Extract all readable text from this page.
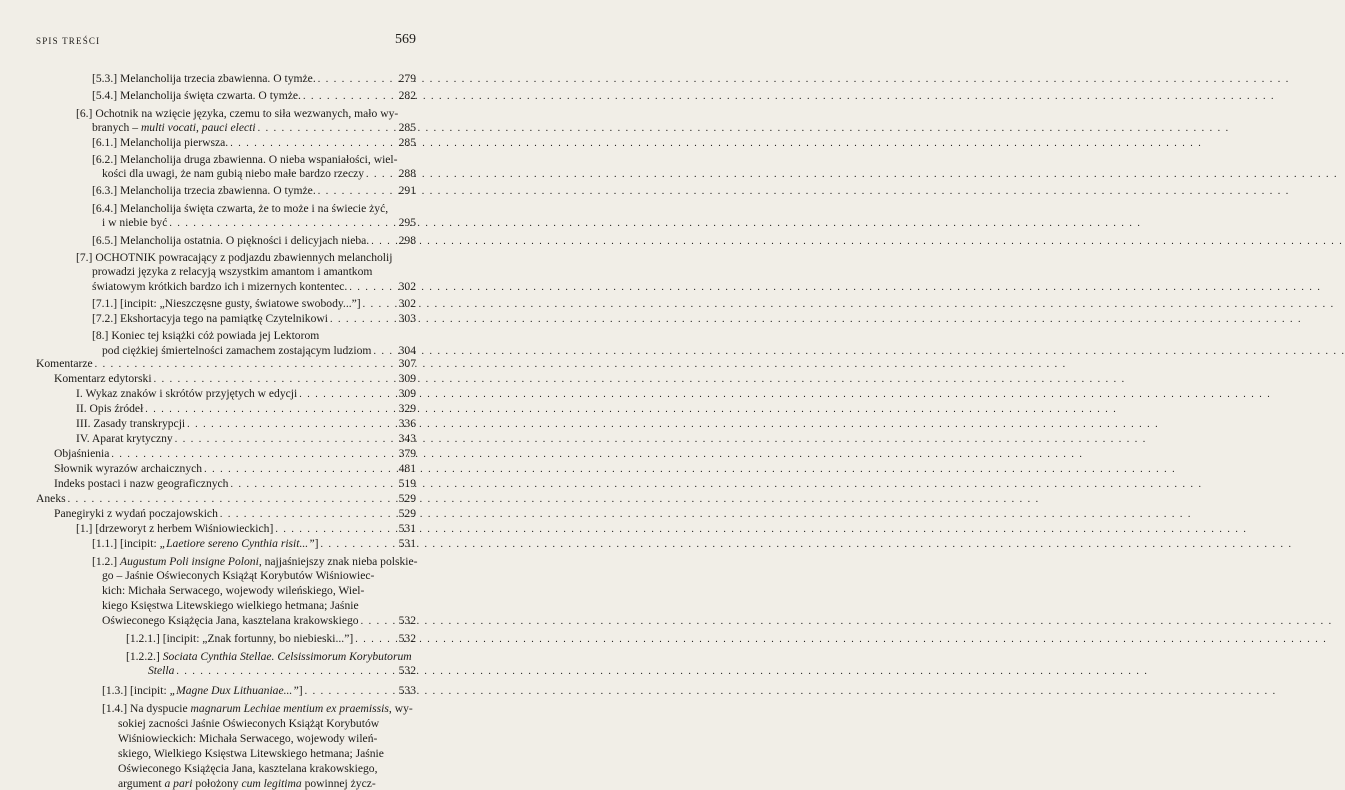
SPIS TREŚCI	569
[5.3.] Melancholija trzecia zbawienna. O tymże. . . .	279
[5.4.] Melancholija święta czwarta. O tymże. . . .	282
[6.] Ochotnik na wzięcie języka, czemu to siła wezwanych, mało wy-
branych – multi vocati, pauci electi . . .	285
[6.1.] Melancholija pierwsza. . . .	285
[6.2.] Melancholija druga zbawienna. O nieba wspaniałości, wiel-
kości dla uwagi, że nam gubią niebo małe bardzo rzeczy . . .	288
[6.3.] Melancholija trzecia zbawienna. O tymże. . . .	291
[6.4.] Melancholija święta czwarta, że to może i na świecie żyć,
i w niebie być . . .	295
[6.5.] Melancholija ostatnia. O piękności i delicyjach nieba. . . .	298
[7.] OCHOTNIK powracający z podjazdu zbawiennych melancholij
prowadzi języka z relacyją wszystkim amantom i amantkom
światowym krótkich bardzo ich i mizernych kontentec. . . .	302
[7.1.] [incipit: „Nieszczęsne gusty, światowe swobody...”] . . .	302
[7.2.] Ekshortacyja tego na pamiątkę Czytelnikowi . . .	303
[8.] Koniec tej książki cóż powiada jej Lektorom
pod ciężkiej śmiertelności zamachem zostającym ludziom . . . 304
Komentarze . . .	307
Komentarz edytorski . . .	309
I. Wykaz znaków i skrótów przyjętych w edycji . . .	309
II. Opis źródeł . . .	329
III. Zasady transkrypcji . . .	336
IV. Aparat krytyczny . . .	343
Objaśnienia . . .	379
Słownik wyrazów archaicznych . . .	481
Indeks postaci i nazw geograficznych . . .	519
Aneks . . .	529
Panegiryki z wydań poczajowskich . . .	529
[1.] [drzeworyt z herbem Wiśniowieckich] . . .	531
[1.1.] [incipit: „Laetiore sereno Cynthia risit...”] . . .	531
[1.2.] Augustum Poli insigne Poloni, najjaśniejszy znak nieba polskie-
go – Jaśnie Oświeconych Książąt Korybutów Wiśniowiec-
kich: Michała Serwacego, wojewody wileńskiego, Wiel-
kiego Księstwa Litewskiego wielkiego hetmana; Jaśnie
Oświeconego Książęcia Jana, kasztelana krakowskiego . . .	532
[1.2.1.] [incipit: „Znak fortunny, bo niebieski...”] . . .	532
[1.2.2.] Sociata Cynthia Stellae. Celsissimorum Korybutorum
Stella . . .	532
[1.3.] [incipit: „Magne Dux Lithuaniae...”] . . .	533
[1.4.] Na dyspucie magnarum Lechiae mentium ex praemissis, wy-
sokiej zacności Jaśnie Oświeconych Książąt Korybutów
Wiśniowieckich: Michała Serwacego, wojewody wileń-
skiego, Wielkiego Księstwa Litewskiego hetmana; Jaśnie
Oświeconego Książęcia Jana, kasztelana krakowskiego,
argument a pari położony cum legitima powinnej życz-
